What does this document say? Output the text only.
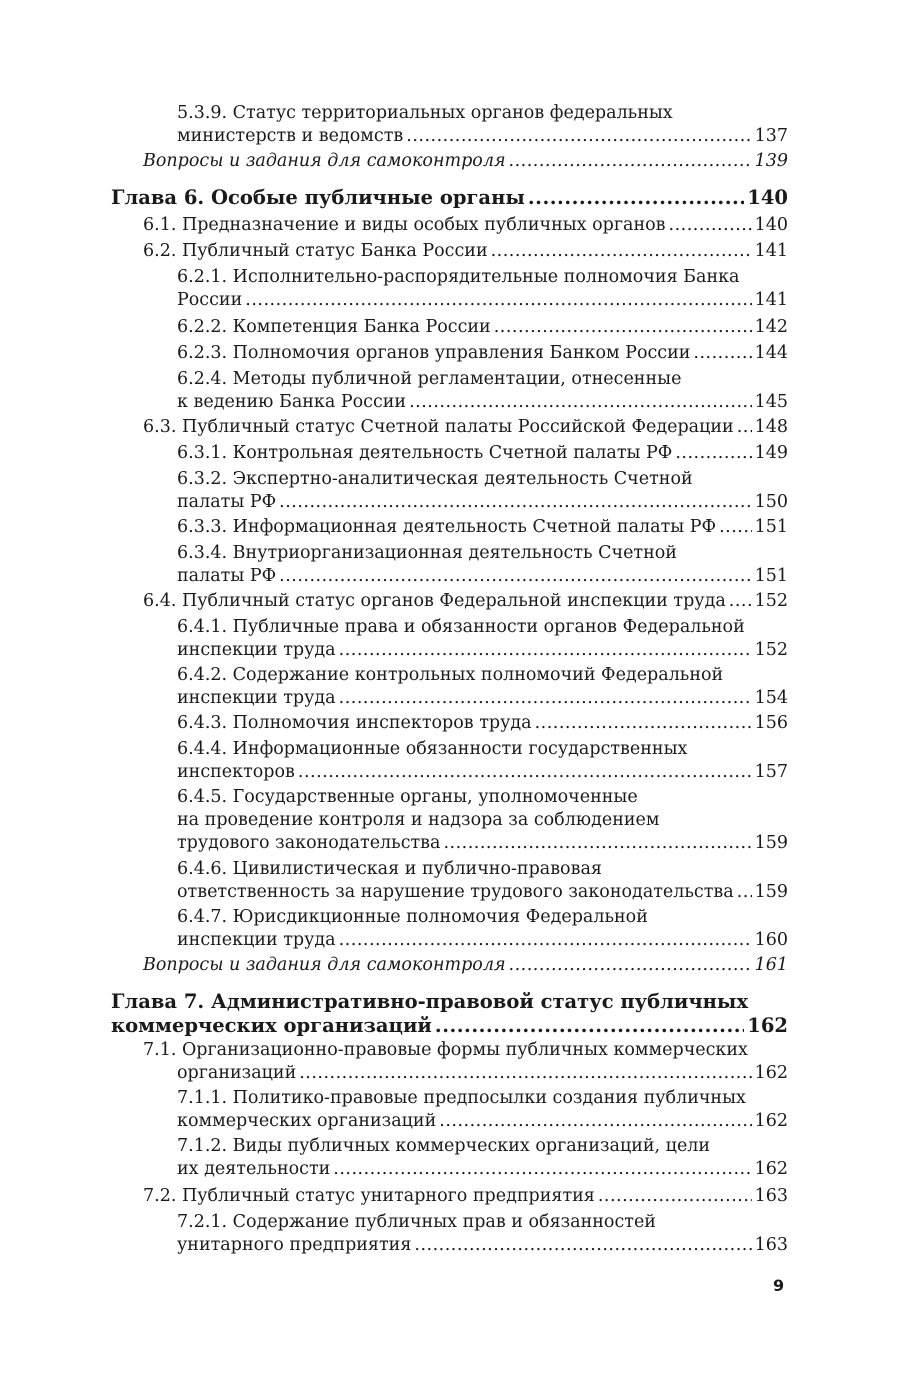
5.3.9. Статус территориальных органов федеральных
министерств и ведомств .....	137
Вопросы и задания для самоконтроля .....	139
Глава 6. Особые публичные органы .....	140
6.1. Предназначение и виды особых публичных органов .....	140
6.2. Публичный статус Банка России .....	141
6.2.1. Исполнительно-распорядительные полномочия Банка
России .....	141
6.2.2. Компетенция Банка России .....	142
6.2.3. Полномочия органов управления Банком России .....	144
6.2.4. Методы публичной регламентации, отнесенные
к ведению Банка России .....	145
6.3. Публичный статус Счетной палаты Российской Федерации ..... 148
6.3.1. Контрольная деятельность Счетной палаты РФ .....	149
6.3.2. Экспертно-аналитическая деятельность Счетной
палаты РФ .....	150
6.3.3. Информационная деятельность Счетной палаты РФ ..... 151
6.3.4. Внутриорганизационная деятельность Счетной
палаты РФ .....	151
6.4. Публичный статус органов Федеральной инспекции труда ..... 152
6.4.1. Публичные права и обязанности органов Федеральной
инспекции труда .....	152
6.4.2. Содержание контрольных полномочий Федеральной
инспекции труда .....	154
6.4.3. Полномочия инспекторов труда .....	156
6.4.4. Информационные обязанности государственных
инспекторов .....	157
6.4.5. Государственные органы, уполномоченные
на проведение контроля и надзора за соблюдением
трудового законодательства .....	159
6.4.6. Цивилистическая и публично-правовая
ответственность за нарушение трудового законодательства ..... 159
6.4.7. Юрисдикционные полномочия Федеральной
инспекции труда .....	160
Вопросы и задания для самоконтроля .....	161
Глава 7. Административно-правовой статус публичных
коммерческих организаций .....	162
7.1. Организационно-правовые формы публичных коммерческих
организаций .....	162
7.1.1. Политико-правовые предпосылки создания публичных
коммерческих организаций .....	162
7.1.2. Виды публичных коммерческих организаций, цели
их деятельности .....	162
7.2. Публичный статус унитарного предприятия .....	163
7.2.1. Содержание публичных прав и обязанностей
унитарного предприятия .....	163
9
